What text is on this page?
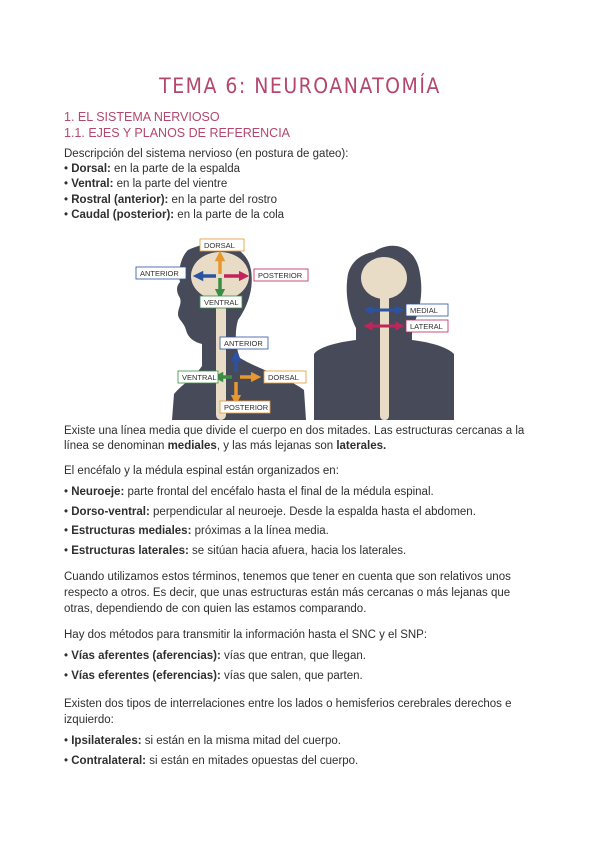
TEMA 6: NEUROANATOMÍA
1. EL SISTEMA NERVIOSO
1.1. EJES Y PLANOS DE REFERENCIA

Descripción del sistema nervioso (en postura de gateo):

• Dorsal: en la parte de la espalda
• Ventral: en la parte del vientre
• Rostral (anterior): en la parte del rostro
• Caudal (posterior): en la parte de la cola
DORSAL
ANTERIOR	POSTERIOR
VENTRAL
ANTERIOR
VENTRAL	DORSAL
POSTERIOR
MEDIAL
LATERAL

Existe una línea media que divide el cuerpo en dos mitades. Las estructuras cercanas a la línea se denominan mediales, y las más lejanas son laterales.

El encéfalo y la médula espinal están organizados en:

• Neuroeje: parte frontal del encéfalo hasta el final de la médula espinal.
• Dorso-ventral: perpendicular al neuroeje. Desde la espalda hasta el abdomen.
• Estructuras mediales: próximas a la línea media.
• Estructuras laterales: se sitúan hacia afuera, hacia los laterales.

Cuando utilizamos estos términos, tenemos que tener en cuenta que son relativos unos respecto a otros. Es decir, que unas estructuras están más cercanas o más lejanas que otras, dependiendo de con quien las estamos comparando.

Hay dos métodos para transmitir la información hasta el SNC y el SNP:

• Vías aferentes (aferencias): vías que entran, que llegan.
• Vías eferentes (eferencias): vías que salen, que parten.

Existen dos tipos de interrelaciones entre los lados o hemisferios cerebrales derechos e izquierdo:

• Ipsilaterales: si están en la misma mitad del cuerpo.
• Contralateral: si están en mitades opuestas del cuerpo.
